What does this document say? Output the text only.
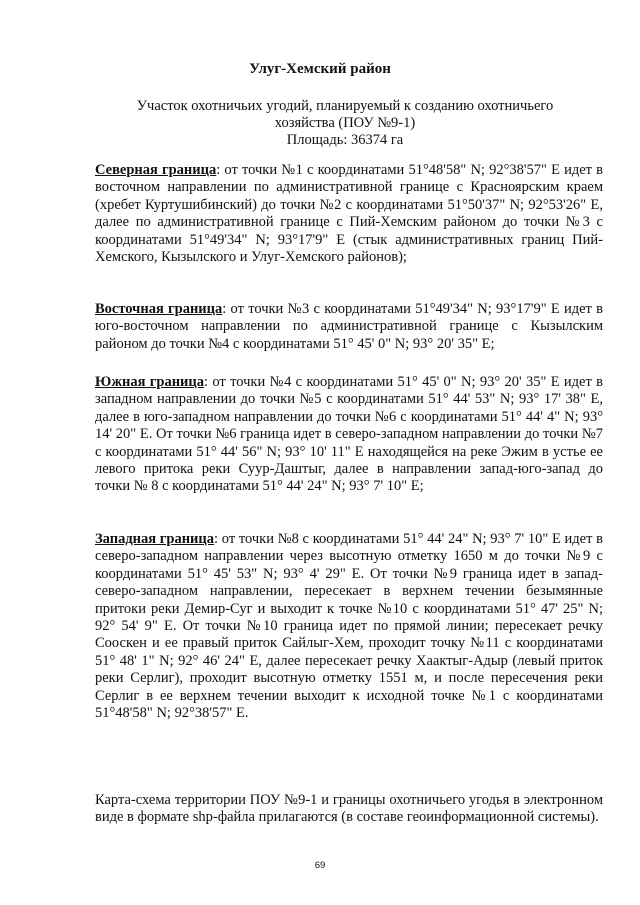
Улуг-Хемский район

Участок охотничьих угодий, планируемый к созданию охотничьего

хозяйства (ПОУ №9-1)

Площадь: 36374 га

Северная граница: от точки №1 с координатами 51°48'58" N; 92°38'57" E идет в восточном направлении по административной границе с Красноярским краем (хребет Куртушибинский) до точки №2 с координатами 51°50'37" N; 92°53'26" E, далее по административной границе с Пий-Хемским районом до точки №3 с координатами 51°49'34" N; 93°17'9" E (стык административных границ Пий-Хемского, Кызылского и Улуг-Хемского районов);

Восточная граница: от точки №3 с координатами 51°49'34" N; 93°17'9" E идет в юго-восточном направлении по административной границе с Кызылским районом до точки №4 с координатами 51° 45' 0" N; 93° 20' 35" E;

Южная граница: от точки №4 с координатами 51° 45' 0" N; 93° 20' 35" E идет в западном направлении до точки №5 с координатами 51° 44' 53" N; 93° 17' 38" E, далее в юго-западном направлении до точки №6 с координатами 51° 44' 4" N; 93° 14' 20" E. От точки №6 граница идет в северо-западном направлении до точки №7 с координатами 51° 44' 56" N; 93° 10' 11" E находящейся на реке Эжим в устье ее левого притока реки Суур-Даштыг, далее в направлении запад-юго-запад до точки № 8 с координатами 51° 44' 24" N; 93° 7' 10" E;

Западная граница: от точки №8 с координатами 51° 44' 24" N; 93° 7' 10" E идет в северо-западном направлении через высотную отметку 1650 м до точки №9 с координатами 51° 45' 53" N; 93° 4' 29" E. От точки №9 граница идет в запад-северо-западном направлении, пересекает в верхнем течении безымянные притоки реки Демир-Суг и выходит к точке №10 с координатами 51° 47' 25" N; 92° 54' 9" E. От точки №10 граница идет по прямой линии; пересекает речку Сооскен и ее правый приток Сайлыг-Хем, проходит точку №11 с координатами 51° 48' 1" N; 92° 46' 24" E, далее пересекает речку Хаактыг-Адыр (левый приток реки Серлиг), проходит высотную отметку 1551 м, и после пересечения реки Серлиг в ее верхнем течении выходит к исходной точке №1 с координатами 51°48'58" N; 92°38'57" E.

Карта-схема территории ПОУ №9-1 и границы охотничьего угодья в электронном виде в формате shp-файла прилагаются (в составе геоинформационной системы).

69
